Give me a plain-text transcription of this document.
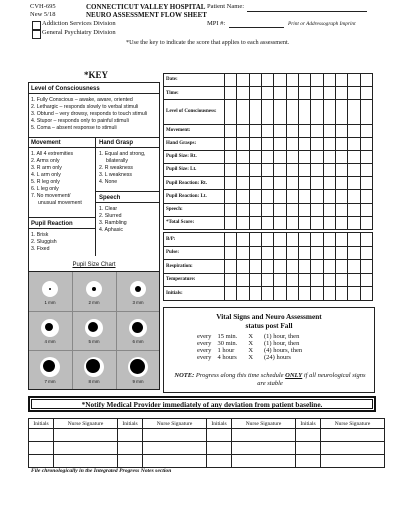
CVH-695
New 5/18
CONNECTICUT VALLEY HOSPITAL
NEURO ASSESSMENT FLOW SHEET
Patient Name:
Addiction Services Division
General Psychiatry Division
MPI #:	Print or Addressograph Imprint
*Use the key to indicate the score that applies to each assessment.
*KEY
Level of Consciousness
1. Fully Conscious – awake, aware, oriented
2. Lethargic – responds slowly to verbal stimuli
3. Obtund – very drowsy, responds to touch stimuli
4. Stupor – responds only to painful stimuli
5. Coma – absent response to stimuli
Movement
1. All 4 extremities
2. Arms only
3. R arm only
4. L arm only
5. R leg only
6. L leg only
7. No movement/
unusual movement
Hand Grasp
1. Equal and strong,
bilaterally
2. R weakness
3. L weakness
4. None
Speech
1. Clear
2. Slurred
3. Rambling
4. Aphasic
Pupil Reaction
1. Brisk
2. Sluggish
3. Fixed
Pupil Size Chart
1 mm	2 mm	3 mm
4 mm	5 mm	6 mm
7 mm	8 mm	9 mm
Date:												
Time:												
Level of Consciousness:												
Movement:												
Hand Grasps:												
Pupil Size: Rt.												
Pupil Size: Lt.												
Pupil Reaction: Rt.												
Pupil Reaction: Lt.												
Speech:												
*Total Score:												
B/P:												
Pulse:												
Respiration:												
Temperature:												
Initials:												
Vital Signs and Neuro Assessment
status post Fall
every	15 min.	X	(1) hour, then
every	30 min.	X	(1) hour, then
every	1 hour	X	(4) hours, then
every	4 hours	X	(24) hours
NOTE: Progress along this time schedule ONLY if all neurological signs are stable
*Notify Medical Provider immediately of any deviation from patient baseline.
Initials	Nurse Signature	Initials	Nurse Signature	Initials	Nurse Signature	Initials	Nurse Signature

File chronologically in the Integrated Progress Notes section
